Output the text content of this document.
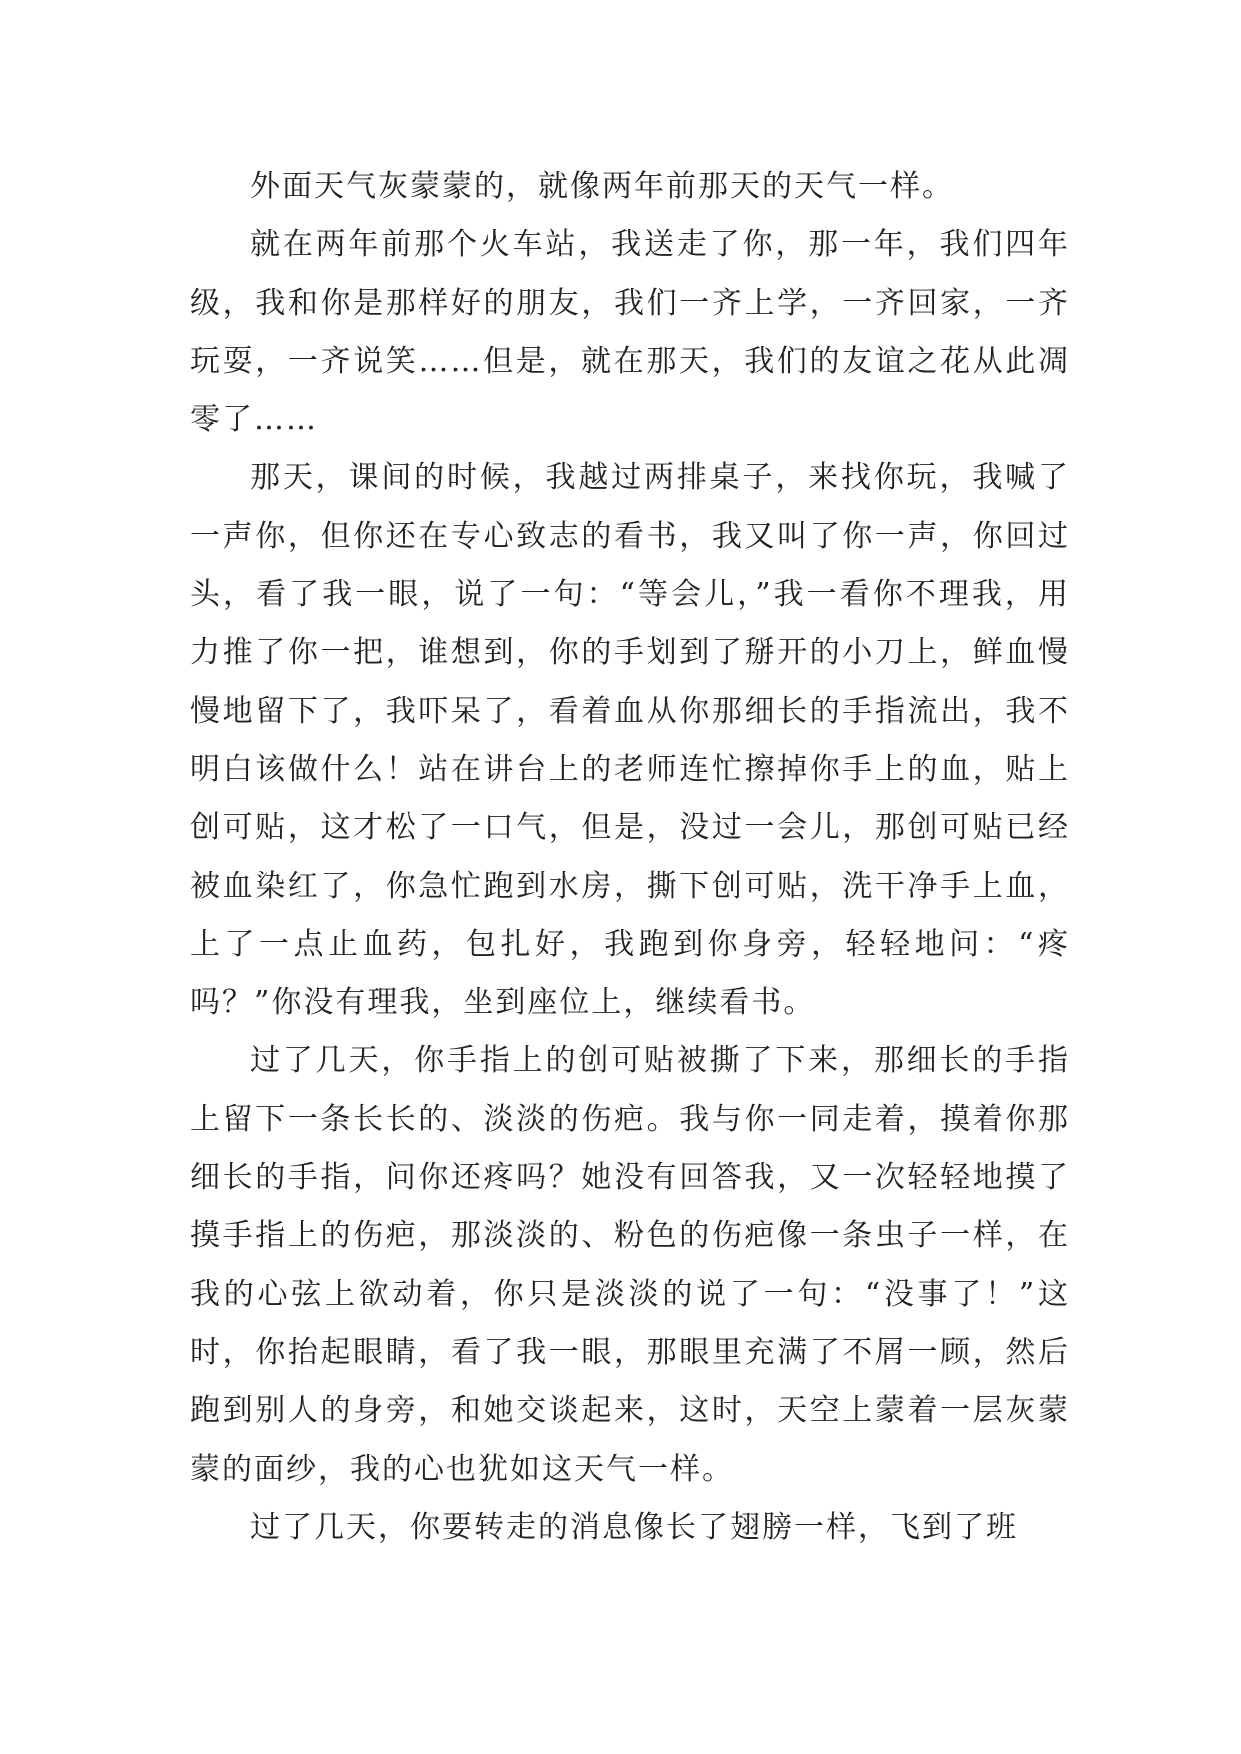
外面天气灰蒙蒙的，就像两年前那天的天气一样。

就在两年前那个火车站，我送走了你，那一年，我们四年级，我和你是那样好的朋友，我们一齐上学，一齐回家，一齐玩耍，一齐说笑……但是，就在那天，我们的友谊之花从此凋零了……

那天，课间的时候，我越过两排桌子，来找你玩，我喊了一声你，但你还在专心致志的看书，我又叫了你一声，你回过头，看了我一眼，说了一句：“等会儿，”我一看你不理我，用力推了你一把，谁想到，你的手划到了掰开的小刀上，鲜血慢慢地留下了，我吓呆了，看着血从你那细长的手指流出，我不明白该做什么！站在讲台上的老师连忙擦掉你手上的血，贴上创可贴，这才松了一口气，但是，没过一会儿，那创可贴已经被血染红了，你急忙跑到水房，撕下创可贴，洗干净手上血，上了一点止血药，包扎好，我跑到你身旁，轻轻地问：“疼吗？”你没有理我，坐到座位上，继续看书。

过了几天，你手指上的创可贴被撕了下来，那细长的手指上留下一条长长的、淡淡的伤疤。我与你一同走着，摸着你那细长的手指，问你还疼吗？她没有回答我，又一次轻轻地摸了摸手指上的伤疤，那淡淡的、粉色的伤疤像一条虫子一样，在我的心弦上欲动着，你只是淡淡的说了一句：“没事了！”这时，你抬起眼睛，看了我一眼，那眼里充满了不屑一顾，然后跑到别人的身旁，和她交谈起来，这时，天空上蒙着一层灰蒙蒙的面纱，我的心也犹如这天气一样。

过了几天，你要转走的消息像长了翅膀一样，飞到了班
